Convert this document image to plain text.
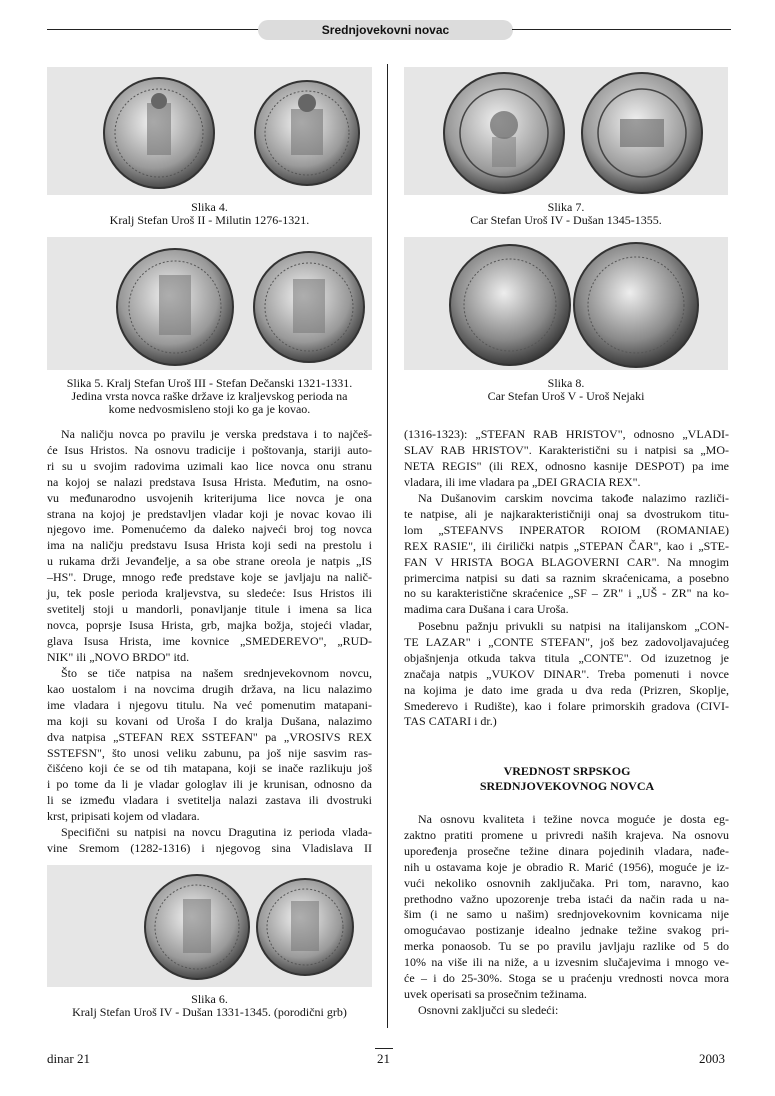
Srednjovekovni novac
Slika 4.
Kralj Stefan Uroš II - Milutin 1276-1321.
Slika 5. Kralj Stefan Uroš III - Stefan Dečanski 1321-1331.
Jedina vrsta novca raške države iz kraljevskog perioda na
kome nedvosmisleno stoji ko ga je kovao.
Na naličju novca po pravilu je verska predstava i to najčeš-
će Isus Hristos. Na osnovu tradicije i poštovanja, stariji auto-
ri su u svojim radovima uzimali kao lice novca onu stranu
na kojoj se nalazi predstava Isusa Hrista. Međutim, na osno-
vu međunarodno usvojenih kriterijuma lice novca je ona
strana na kojoj je predstavljen vladar koji je novac kovao ili
njegovo ime. Pomenućemo da daleko najveći broj tog novca
ima na naličju predstavu Isusa Hrista koji sedi na prestolu i
u rukama drži Jevanđelje, a sa obe strane oreola je natpis „IS
–HS". Druge, mnogo ređe predstave koje se javljaju na nalič-
ju, tek posle perioda kraljevstva, su sledeće: Isus Hristos ili
svetitelj stoji u mandorli, ponavljanje titule i imena sa lica
novca, poprsje Isusa Hrista, grb, majka božja, stojeći vladar,
glava Isusa Hrista, ime kovnice „SMEDEREVO", „RUD-
NIK" ili „NOVO BRDO" itd.
Što se tiče natpisa na našem srednjevekovnom novcu,
kao uostalom i na novcima drugih država, na licu nalazimo
ime vladara i njegovu titulu. Na već pomenutim matapani-
ma koji su kovani od Uroša I do kralja Dušana, nalazimo
dva natpisa „STEFAN REX SSTEFAN" pa „VROSIVS REX
SSTEFSN", što unosi veliku zabunu, pa još nije sasvim ras-
čišćeno koji će se od tih matapana, koji se inače razlikuju još
i po tome da li je vladar gologlav ili je krunisan, odnosno da
li se između vladara i svetitelja nalazi zastava ili dvostruki
krst, pripisati kojem od vladara.
Specifični su natpisi na novcu Dragutina iz perioda vlada-
vine Sremom (1282-1316) i njegovog sina Vladislava II
Slika 6.
Kralj Stefan Uroš IV - Dušan 1331-1345. (porodični grb)
Slika 7.
Car Stefan Uroš IV - Dušan 1345-1355.
Slika 8.
Car Stefan Uroš V - Uroš Nejaki
(1316-1323): „STEFAN RAB HRISTOV", odnosno „VLADI-
SLAV RAB HRISTOV". Karakteristični su i natpisi sa „MO-
NETA REGIS" (ili REX, odnosno kasnije DESPOT) pa ime
vladara, ili ime vladara pa „DEI GRACIA REX".
Na Dušanovim carskim novcima takođe nalazimo različi-
te natpise, ali je najkarakterističniji onaj sa dvostrukom titu-
lom „STEFANVS INPERATOR ROIOM (ROMANIAE)
REX RASIE", ili ćirilički natpis „STEPAN ČAR", kao i „STE-
FAN V HRISTA BOGA BLAGOVERNI CAR". Na mnogim
primercima natpisi su dati sa raznim skraćenicama, a posebno
no su karakteristične skraćenice „SF – ZR" i „UŠ - ZR" na ko-
madima cara Dušana i cara Uroša.
Posebnu pažnju privukli su natpisi na italijanskom „CON-
TE LAZAR" i „CONTE STEFAN", još bez zadovoljavajućeg
objašnjenja otkuda takva titula „CONTE". Od izuzetnog je
značaja natpis „VUKOV DINAR". Treba pomenuti i novce
na kojima je dato ime grada u dva reda (Prizren, Skoplje,
Smederevo i Rudište), kao i folare primorskih gradova (CIVI-
TAS CATARI i dr.)
VREDNOST SRPSKOG
SREDNJOVEKOVNOG NOVCA
Na osnovu kvaliteta i težine novca moguće je dosta eg-
zaktno pratiti promene u privredi naših krajeva. Na osnovu
upoređenja prosečne težine dinara pojedinih vladara, nađe-
nih u ostavama koje je obradio R. Marić (1956), moguće je iz-
vući nekoliko osnovnih zaključaka. Pri tom, naravno, kao
prethodno važno upozorenje treba istaći da način rada u na-
šim (i ne samo u našim) srednjovekovnim kovnicama nije
omogućavao postizanje idealno jednake težine svakog pri-
merka ponaosob. Tu se po pravilu javljaju razlike od 5 do
10% na više ili na niže, a u izvesnim slučajevima i mnogo ve-
će – i do 25-30%. Stoga se u praćenju vrednosti novca mora
uvek operisati sa prosečnim težinama.
Osnovni zaključci su sledeći:
dinar 21	21	2003
